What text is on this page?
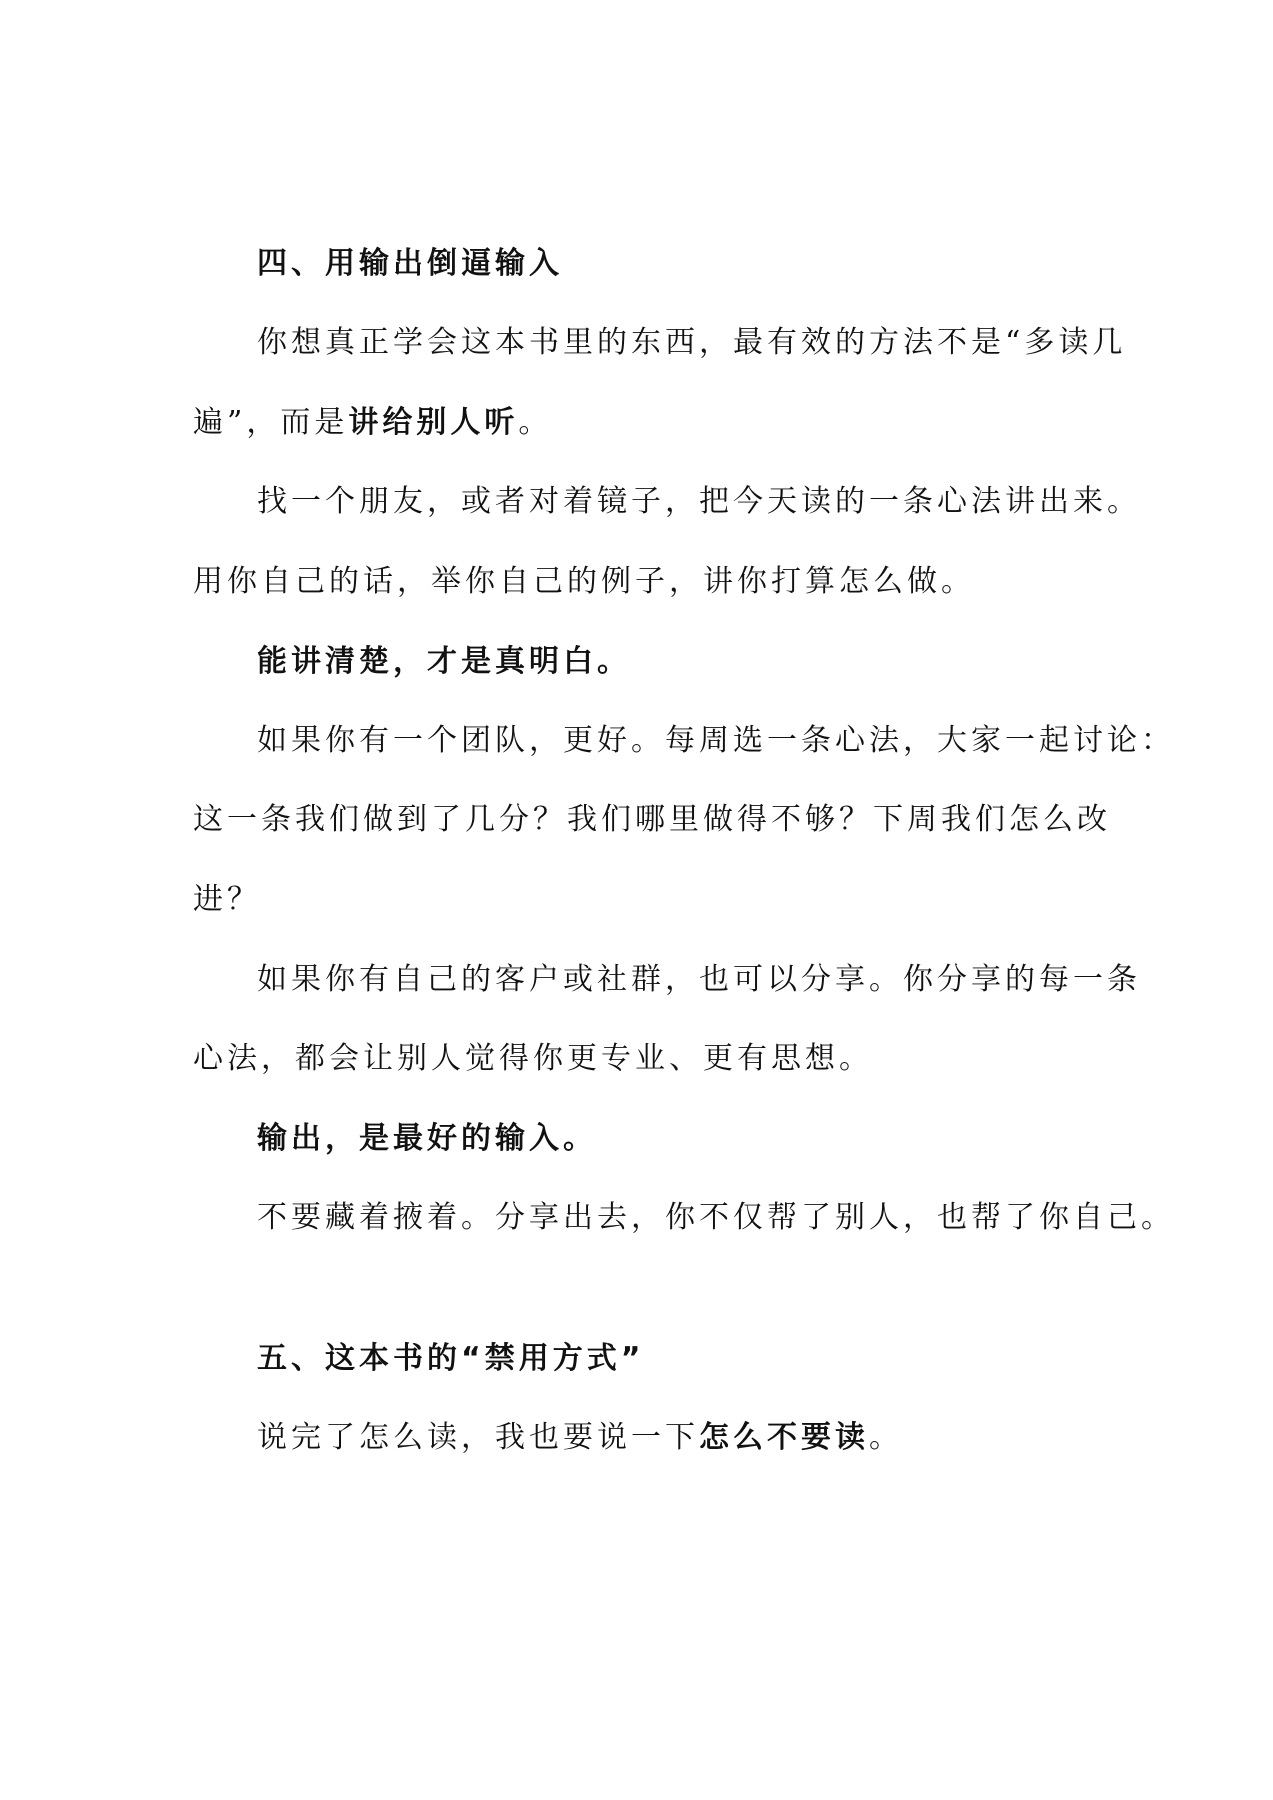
四、用输出倒逼输入
你想真正学会这本书里的东西，最有效的方法不是“多读几
遍”，而是讲给别人听。
找一个朋友，或者对着镜子，把今天读的一条心法讲出来。
用你自己的话，举你自己的例子，讲你打算怎么做。
能讲清楚，才是真明白。
如果你有一个团队，更好。每周选一条心法，大家一起讨论：
这一条我们做到了几分？我们哪里做得不够？下周我们怎么改
进？
如果你有自己的客户或社群，也可以分享。你分享的每一条
心法，都会让别人觉得你更专业、更有思想。
输出，是最好的输入。
不要藏着掖着。分享出去，你不仅帮了别人，也帮了你自己。
五、这本书的“禁用方式”
说完了怎么读，我也要说一下怎么不要读。
